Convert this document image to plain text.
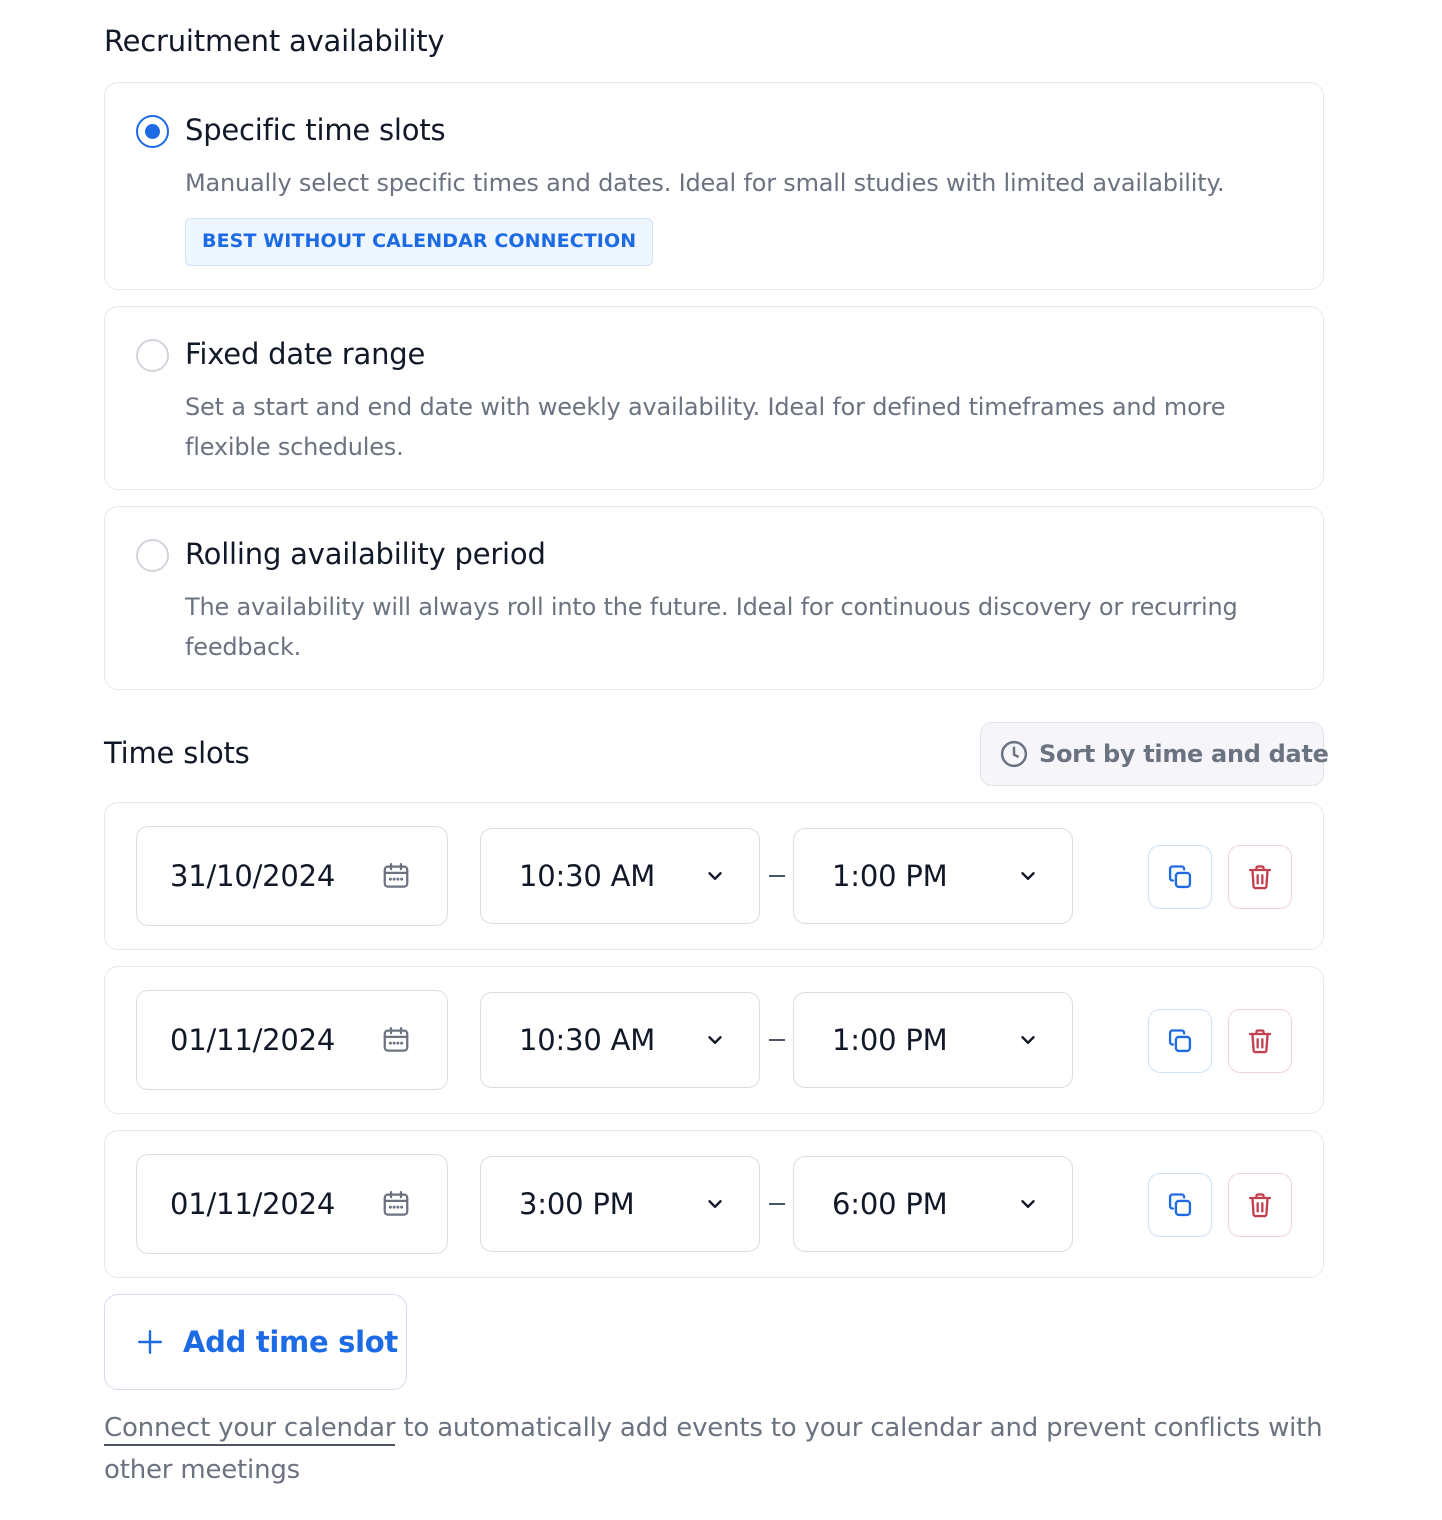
Recruitment availability
Specific time slots
Manually select specific times and dates. Ideal for small studies with limited availability.
BEST WITHOUT CALENDAR CONNECTION
Fixed date range
Set a start and end date with weekly availability. Ideal for defined timeframes and more flexible schedules.
Rolling availability period
The availability will always roll into the future. Ideal for continuous discovery or recurring feedback.
Time slots	Sort by time and date
31/10/2024	10:30 AM	1:00 PM
01/11/2024	10:30 AM	1:00 PM
01/11/2024	3:00 PM	6:00 PM
Add time slot

Connect your calendar to automatically add events to your calendar and prevent conflicts with other meetings
